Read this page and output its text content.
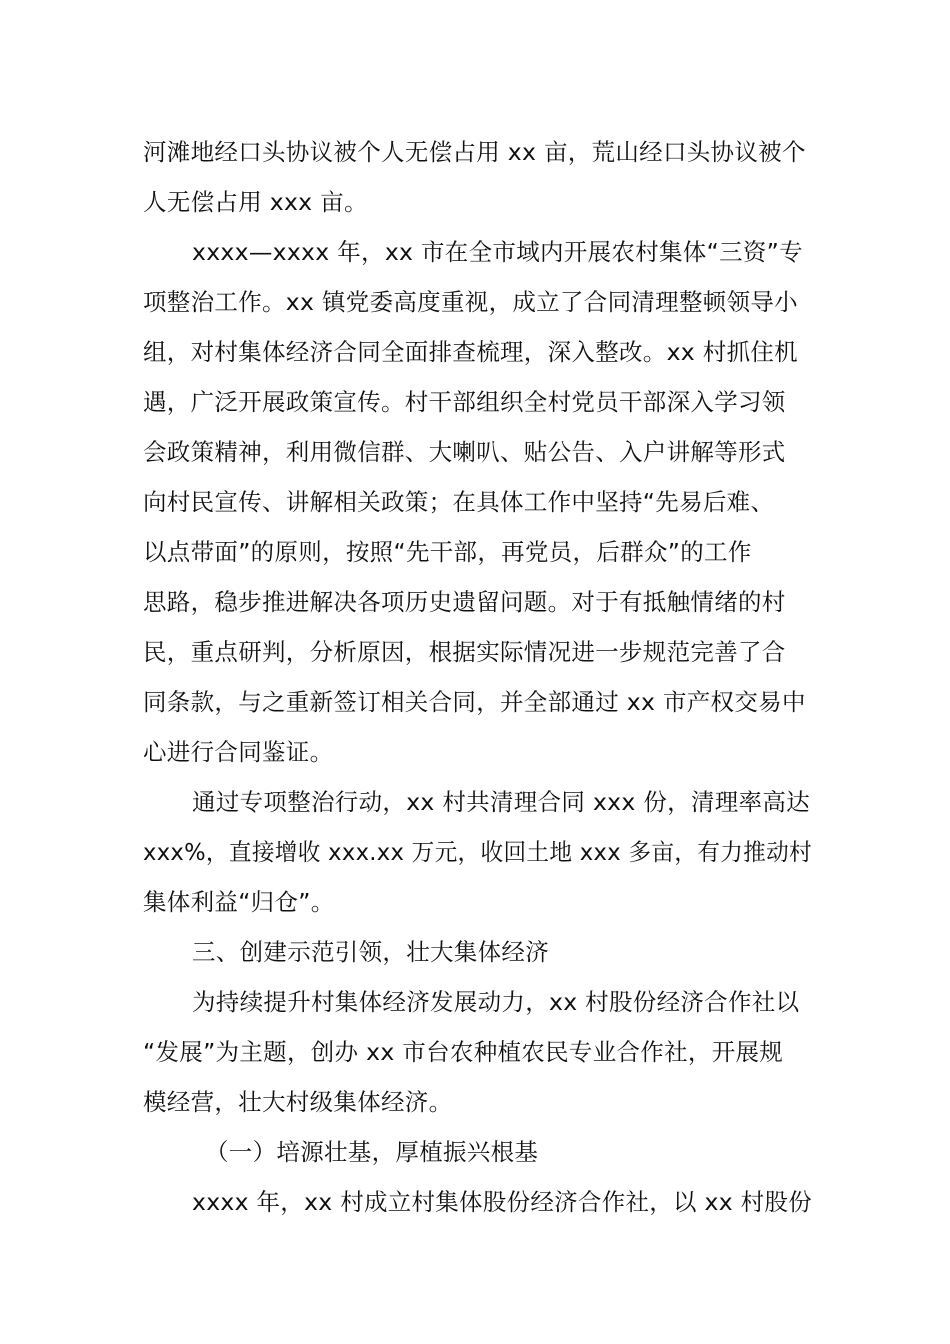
河滩地经口头协议被个人无偿占用 xx 亩，荒山经口头协议被个
人无偿占用 xxx 亩。
xxxx—xxxx 年，xx 市在全市域内开展农村集体“三资”专
项整治工作。xx 镇党委高度重视，成立了合同清理整顿领导小
组，对村集体经济合同全面排查梳理，深入整改。xx 村抓住机
遇，广泛开展政策宣传。村干部组织全村党员干部深入学习领
会政策精神，利用微信群、大喇叭、贴公告、入户讲解等形式
向村民宣传、讲解相关政策；在具体工作中坚持“先易后难、
以点带面”的原则，按照“先干部，再党员，后群众”的工作
思路，稳步推进解决各项历史遗留问题。对于有抵触情绪的村
民，重点研判，分析原因，根据实际情况进一步规范完善了合
同条款，与之重新签订相关合同，并全部通过 xx 市产权交易中
心进行合同鉴证。
通过专项整治行动，xx 村共清理合同 xxx 份，清理率高达
xxx%，直接增收 xxx.xx 万元，收回土地 xxx 多亩，有力推动村
集体利益“归仓”。
三、创建示范引领，壮大集体经济
为持续提升村集体经济发展动力，xx 村股份经济合作社以
“发展”为主题，创办 xx 市台农种植农民专业合作社，开展规
模经营，壮大村级集体经济。
（一）培源壮基，厚植振兴根基
xxxx 年，xx 村成立村集体股份经济合作社，以 xx 村股份
